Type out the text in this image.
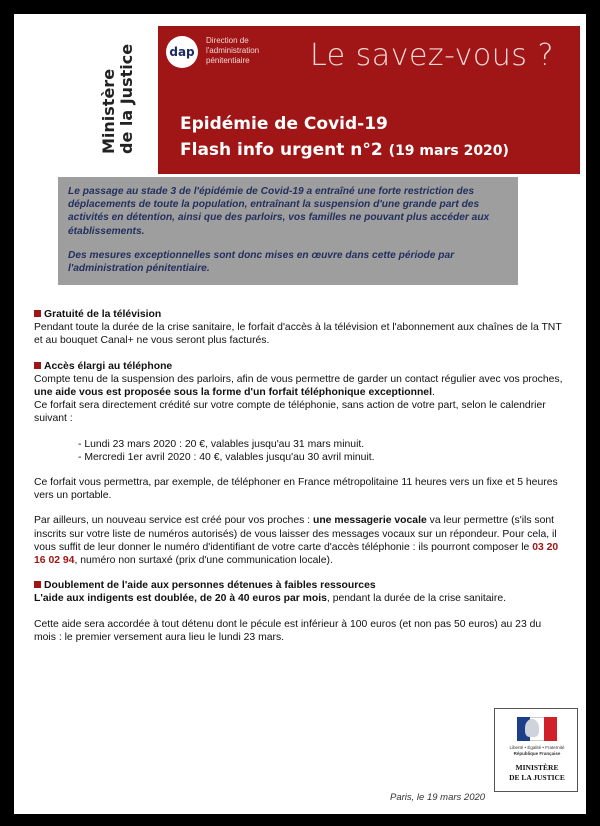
Ministère de la Justice	dap
Direction de
l'administration
pénitentiaire	Le savez-vous ?
Epidémie de Covid-19
Flash info urgent n°2 (19 mars 2020)

Le passage au stade 3 de l'épidémie de Covid-19 a entraîné une forte restriction des déplacements de toute la population, entraînant la suspension d'une grande part des activités en détention, ainsi que des parloirs, vos familles ne pouvant plus accéder aux établissements.

Des mesures exceptionnelles sont donc mises en œuvre dans cette période par l'administration pénitentiaire.

Gratuité de la télévision

Pendant toute la durée de la crise sanitaire, le forfait d'accès à la télévision et l'abonnement aux chaînes de la TNT et au bouquet Canal+ ne vous seront plus facturés.

Accès élargi au téléphone

Compte tenu de la suspension des parloirs, afin de vous permettre de garder un contact régulier avec vos proches, une aide vous est proposée sous la forme d'un forfait téléphonique exceptionnel.

Ce forfait sera directement crédité sur votre compte de téléphonie, sans action de votre part, selon le calendrier suivant :

- Lundi 23 mars 2020 : 20 €, valables jusqu'au 31 mars minuit.
- Mercredi 1er avril 2020 : 40 €, valables jusqu'au 30 avril minuit.

Ce forfait vous permettra, par exemple, de téléphoner en France métropolitaine 11 heures vers un fixe et 5 heures vers un portable.

Par ailleurs, un nouveau service est créé pour vos proches : une messagerie vocale va leur permettre (s'ils sont inscrits sur votre liste de numéros autorisés) de vous laisser des messages vocaux sur un répondeur. Pour cela, il vous suffit de leur donner le numéro d'identifiant de votre carte d'accès téléphonie : ils pourront composer le 03 20 16 02 94, numéro non surtaxé (prix d'une communication locale).

Doublement de l'aide aux personnes détenues à faibles ressources

L'aide aux indigents est doublée, de 20 à 40 euros par mois, pendant la durée de la crise sanitaire.

Cette aide sera accordée à tout détenu dont le pécule est inférieur à 100 euros (et non pas 50 euros) au 23 du mois : le premier versement aura lieu le lundi 23 mars.

Liberté • Égalité • Fraternité
République Française
MINISTÈRE
DE LA JUSTICE
Paris, le 19 mars 2020
